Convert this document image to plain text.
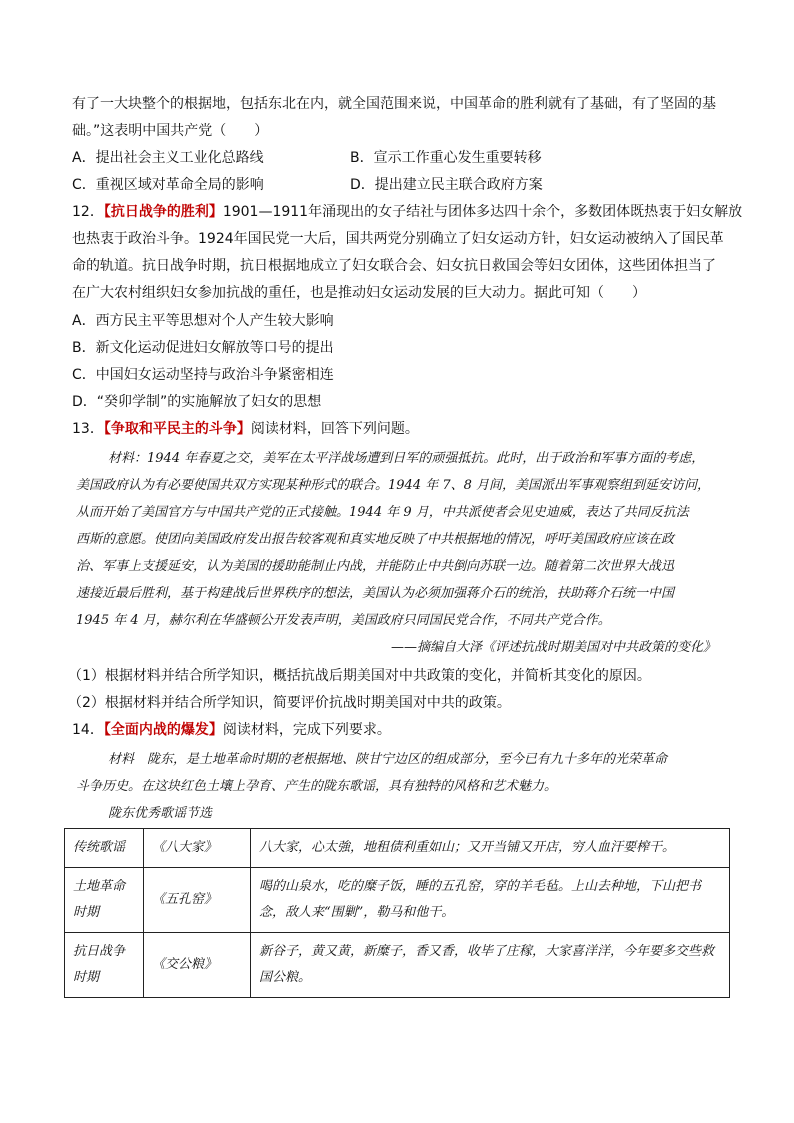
有了一大块整个的根据地，包括东北在内，就全国范围来说，中国革命的胜利就有了基础，有了坚固的基
础。”这表明中国共产党（　　）
A．提出社会主义工业化总路线	B．宣示工作重心发生重要转移
C．重视区域对革命全局的影响	D．提出建立民主联合政府方案
12．【抗日战争的胜利】1901—1911年涌现出的女子结社与团体多达四十余个，多数团体既热衷于妇女解放
也热衷于政治斗争。1924年国民党一大后，国共两党分别确立了妇女运动方针，妇女运动被纳入了国民革
命的轨道。抗日战争时期，抗日根据地成立了妇女联合会、妇女抗日救国会等妇女团体，这些团体担当了
在广大农村组织妇女参加抗战的重任，也是推动妇女运动发展的巨大动力。据此可知（　　）
A．西方民主平等思想对个人产生较大影响
B．新文化运动促进妇女解放等口号的提出
C．中国妇女运动坚持与政治斗争紧密相连
D．“癸卯学制”的实施解放了妇女的思想
13．【争取和平民主的斗争】阅读材料，回答下列问题。
材料：1944 年春夏之交，美军在太平洋战场遭到日军的顽强抵抗。此时，出于政治和军事方面的考虑，
美国政府认为有必要使国共双方实现某种形式的联合。1944 年 7、8 月间，美国派出军事观察组到延安访问，
从而开始了美国官方与中国共产党的正式接触。1944 年 9 月，中共派使者会见史迪威，表达了共同反抗法
西斯的意愿。使团向美国政府发出报告较客观和真实地反映了中共根据地的情况，呼吁美国政府应该在政
治、军事上支援延安，认为美国的援助能制止内战，并能防止中共倒向苏联一边。随着第二次世界大战迅
速接近最后胜利，基于构建战后世界秩序的想法，美国认为必须加强蒋介石的统治，扶助蒋介石统一中国
1945 年 4 月，赫尔利在华盛顿公开发表声明，美国政府只同国民党合作，不同共产党合作。
——摘编自大泽《评述抗战时期美国对中共政策的变化》
（1）根据材料并结合所学知识，概括抗战后期美国对中共政策的变化，并简析其变化的原因。
（2）根据材料并结合所学知识，简要评价抗战时期美国对中共的政策。
14．【全面内战的爆发】阅读材料，完成下列要求。
材料　陇东，是土地革命时期的老根据地、陕甘宁边区的组成部分，至今已有九十多年的光荣革命
斗争历史。在这块红色土壤上孕育、产生的陇东歌谣，具有独特的风格和艺术魅力。
陇东优秀歌谣节选
传统歌谣	《八大家》	八大家，心太強，地租债利重如山；又开当铺又开店，穷人血汗要榨干。
土地革命时期	《五孔窑》	喝的山泉水，吃的糜子饭，睡的五孔窑，穿的羊毛毡。上山去种地，下山把书念，敌人来“围剿”，勒马和他干。
抗日战争时期	《交公粮》	新谷子，黄又黄，新糜子，香又香，收毕了庄稼，大家喜洋洋，今年要多交些救国公粮。
